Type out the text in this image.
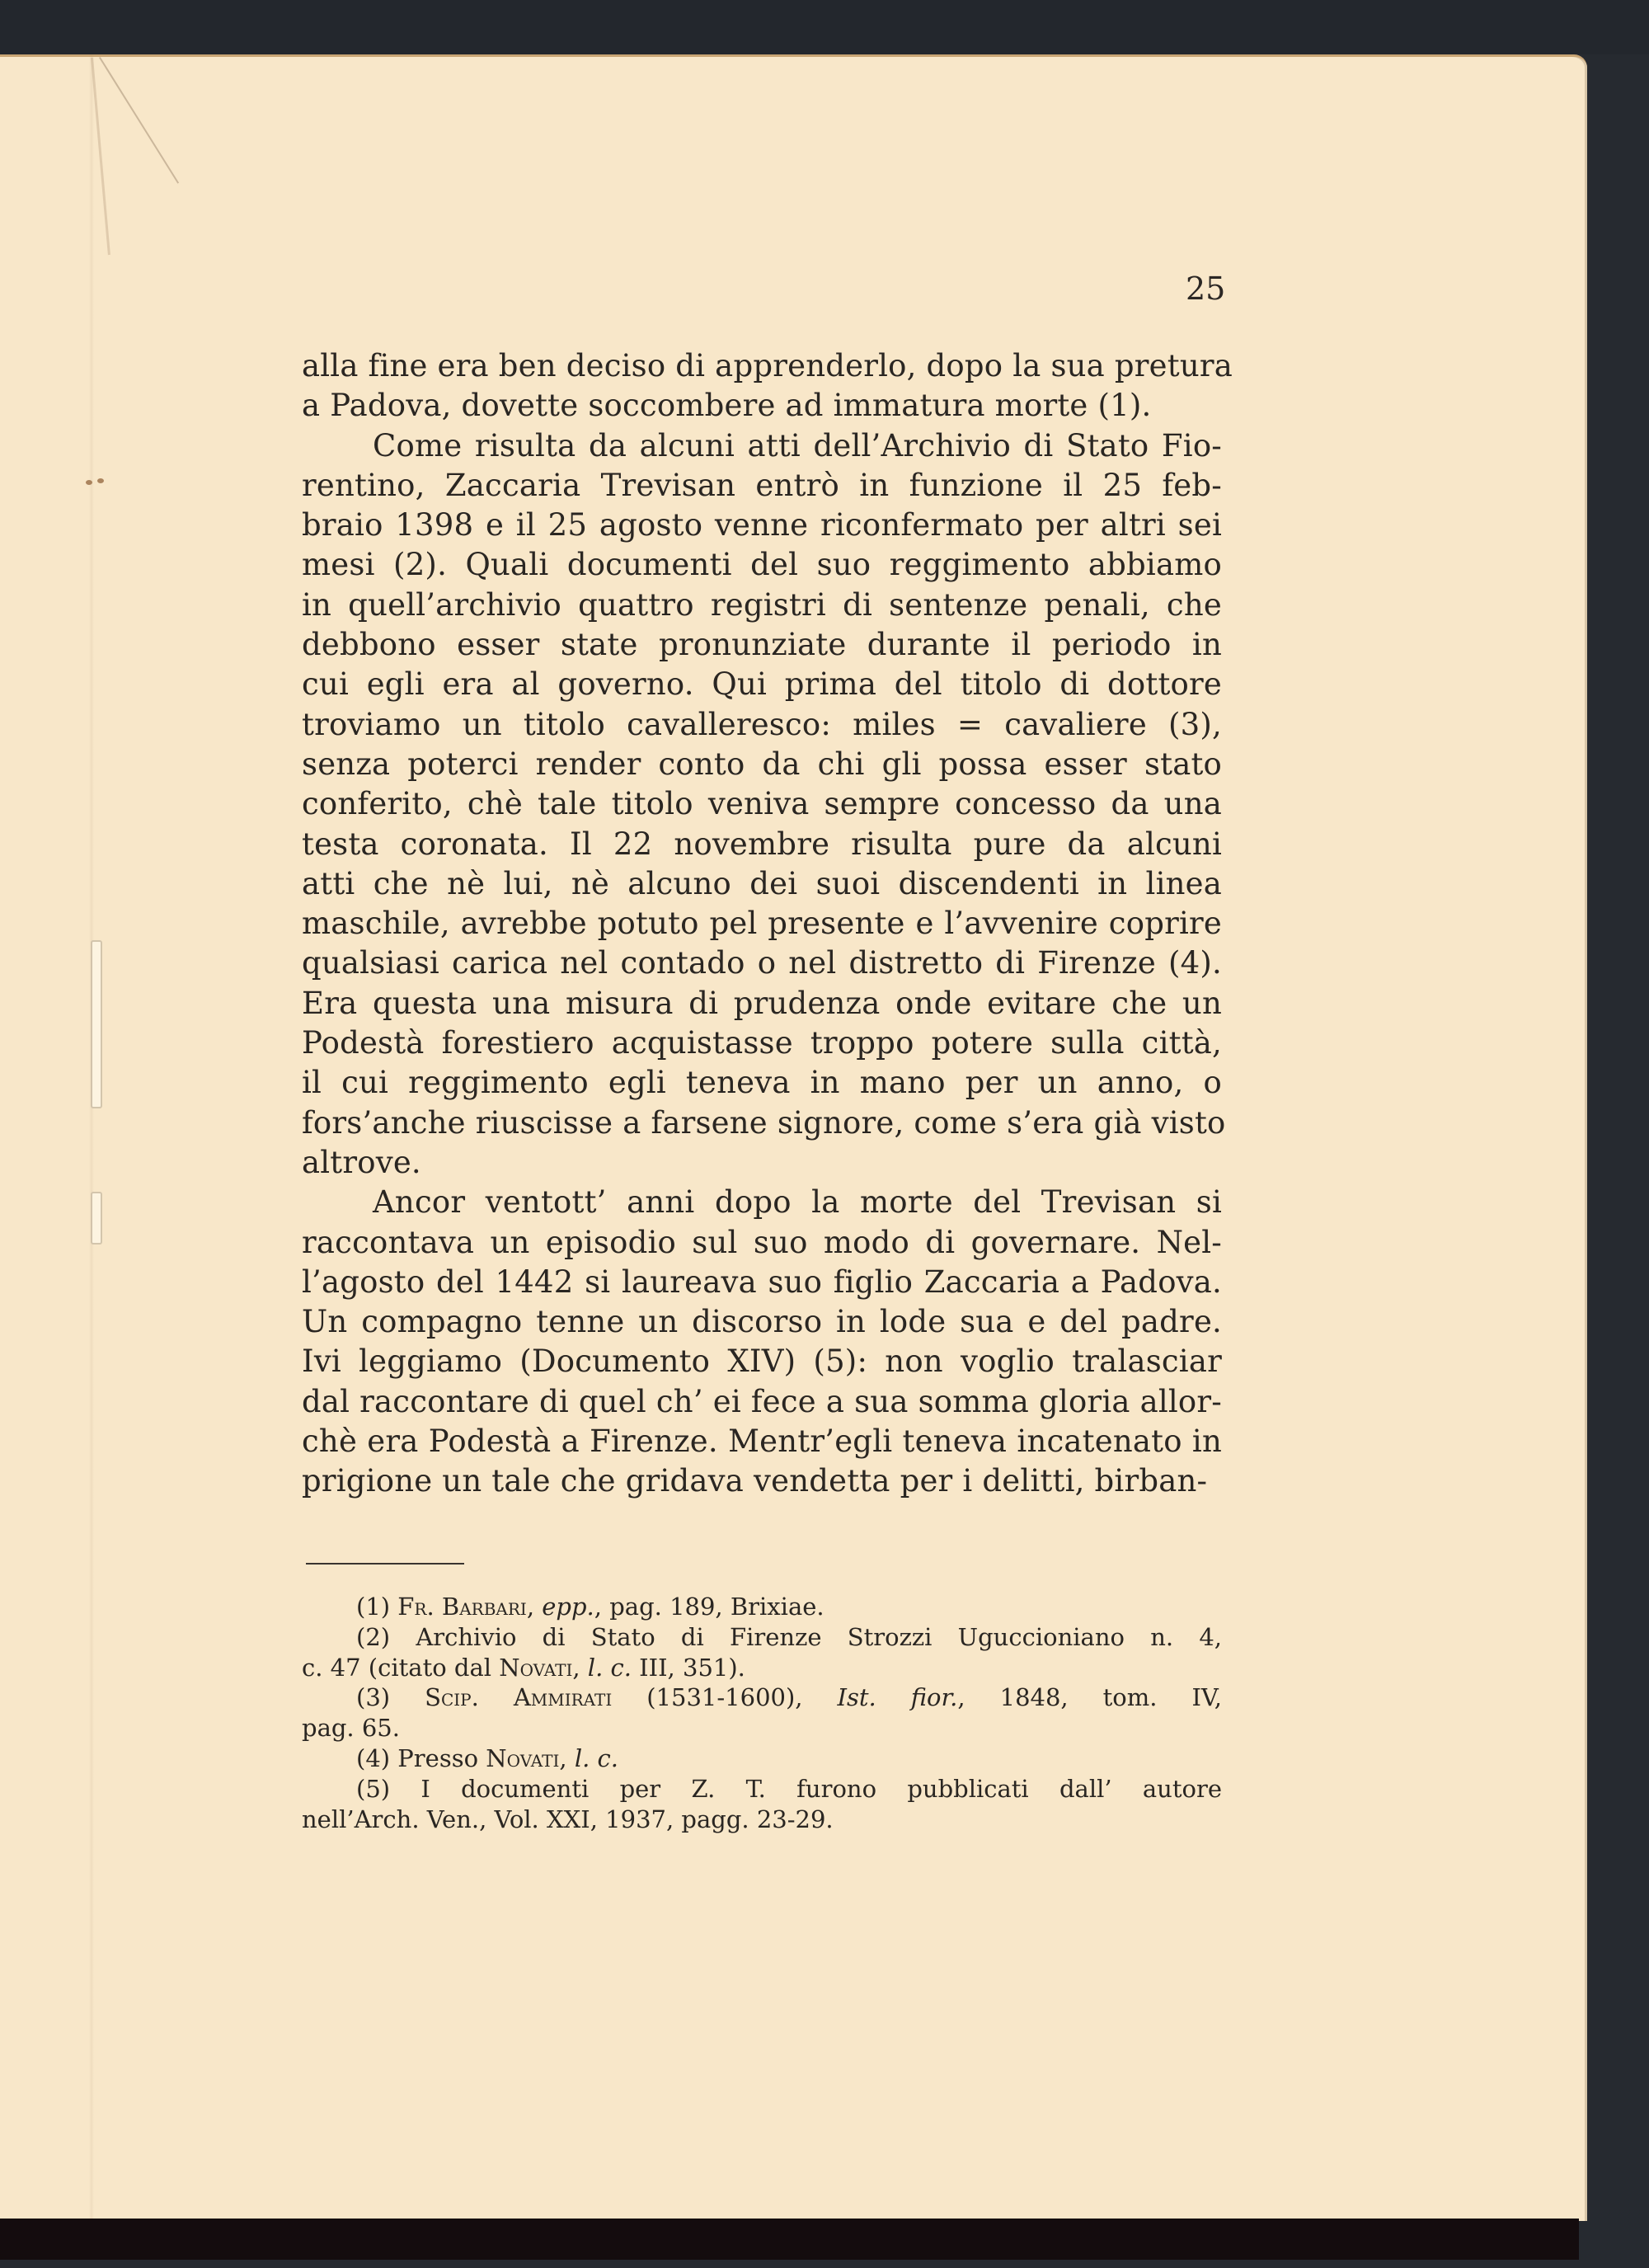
25
alla fine era ben deciso di apprenderlo, dopo la sua pretura
a Padova, dovette soccombere ad immatura morte (1).
Come risulta da alcuni atti dell’Archivio di Stato Fio-
rentino, Zaccaria Trevisan entrò in funzione il 25 feb-
braio 1398 e il 25 agosto venne riconfermato per altri sei
mesi (2). Quali documenti del suo reggimento abbiamo
in quell’archivio quattro registri di sentenze penali, che
debbono esser state pronunziate durante il periodo in
cui egli era al governo. Qui prima del titolo di dottore
troviamo un titolo cavalleresco: miles = cavaliere (3),
senza poterci render conto da chi gli possa esser stato
conferito, chè tale titolo veniva sempre concesso da una
testa coronata. Il 22 novembre risulta pure da alcuni
atti che nè lui, nè alcuno dei suoi discendenti in linea
maschile, avrebbe potuto pel presente e l’avvenire coprire
qualsiasi carica nel contado o nel distretto di Firenze (4).
Era questa una misura di prudenza onde evitare che un
Podestà forestiero acquistasse troppo potere sulla città,
il cui reggimento egli teneva in mano per un anno, o
fors’anche riuscisse a farsene signore, come s’era già visto
altrove.
Ancor ventott’ anni dopo la morte del Trevisan si
raccontava un episodio sul suo modo di governare. Nel-
l’agosto del 1442 si laureava suo figlio Zaccaria a Padova.
Un compagno tenne un discorso in lode sua e del padre.
Ivi leggiamo (Documento XIV) (5): non voglio tralasciar
dal raccontare di quel ch’ ei fece a sua somma gloria allor-
chè era Podestà a Firenze. Mentr’egli teneva incatenato in
prigione un tale che gridava vendetta per i delitti, birban-
(1) Fr. Barbari, epp., pag. 189, Brixiae.
(2) Archivio di Stato di Firenze Strozzi Uguccioniano n. 4,
c. 47 (citato dal Novati, l. c. III, 351).
(3) Scip. Ammirati (1531-1600), Ist. fior., 1848, tom. IV,
pag. 65.
(4) Presso Novati, l. c.
(5) I documenti per Z. T. furono pubblicati dall’ autore
nell’Arch. Ven., Vol. XXI, 1937, pagg. 23-29.
